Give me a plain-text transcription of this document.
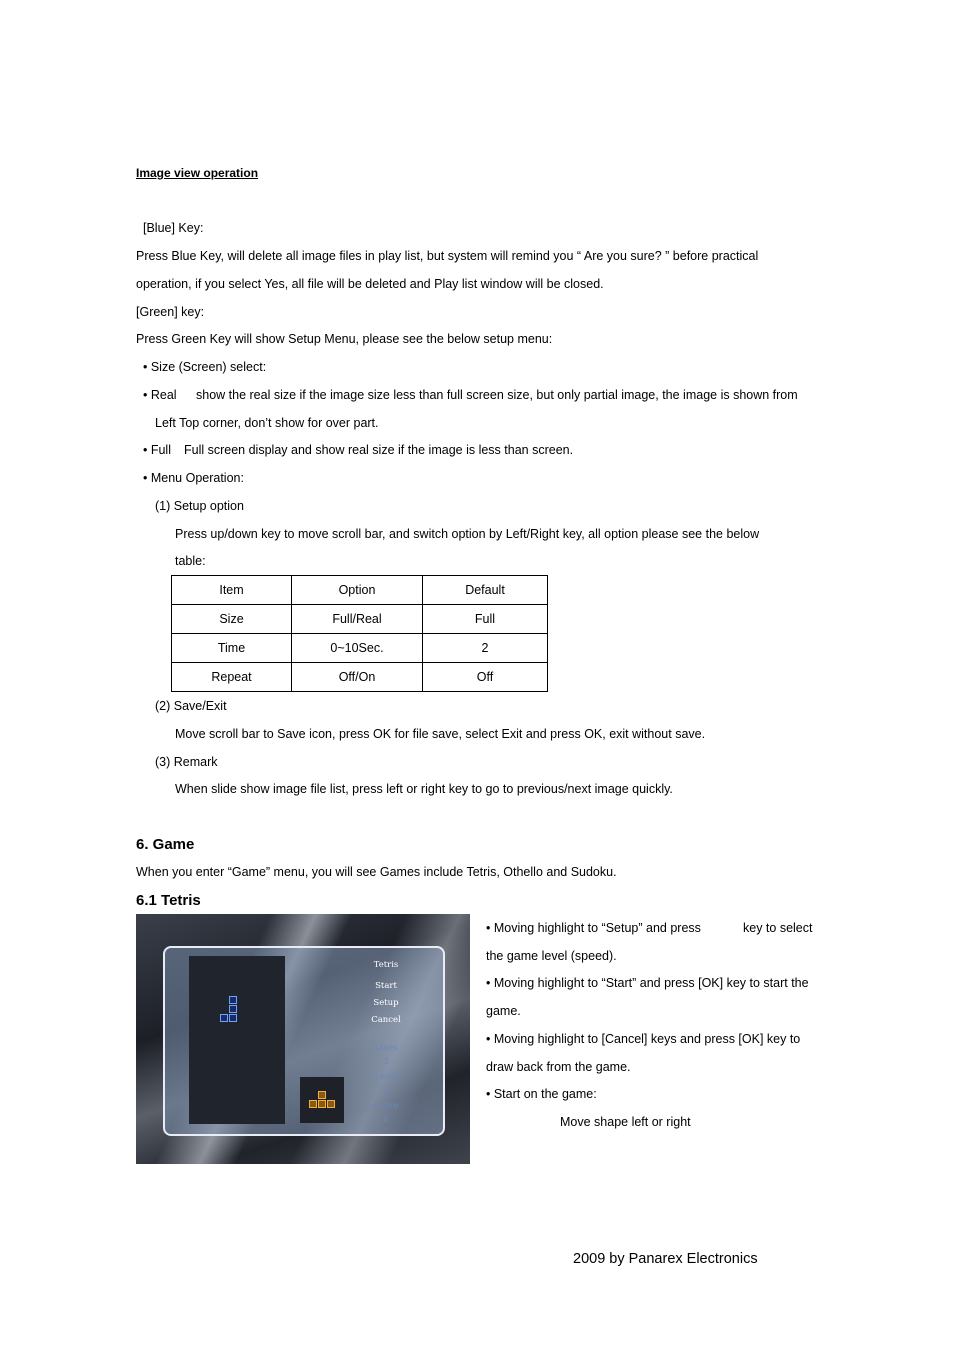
Image view operation
[Blue] Key:
Press Blue Key, will delete all image files in play list, but system will remind you “ Are you sure? ” before practical
operation, if you select Yes, all file will be deleted and Play list window will be closed.
[Green] key:
Press Green Key will show Setup Menu, please see the below setup menu:
• Size (Screen) select:
• Real show the real size if the image size less than full screen size, but only partial image, the image is shown from
Left Top corner, don’t show for over part.
• Full Full screen display and show real size if the image is less than screen.
• Menu Operation:
(1) Setup option
Press up/down key to move scroll bar, and switch option by Left/Right key, all option please see the below
table:
Item	Option	Default
Size	Full/Real	Full
Time	0~10Sec.	2
Repeat	Off/On	Off
(2) Save/Exit
Move scroll bar to Save icon, press OK for file save, select Exit and press OK, exit without save.
(3) Remark
When slide show image file list, press left or right key to go to previous/next image quickly.
6. Game
When you enter “Game” menu, you will see Games include Tetris, Othello and Sudoku.
6.1 Tetris
Tetris
Start
Setup
Cancel
Lines
3
Level
5
Score
0
• Moving highlight to “Setup” and press	key to select
the game level (speed).
• Moving highlight to “Start” and press [OK] key to start the
game.
• Moving highlight to [Cancel] keys and press [OK] key to
draw back from the game.
• Start on the game:
Move shape left or right
2009 by Panarex Electronics
